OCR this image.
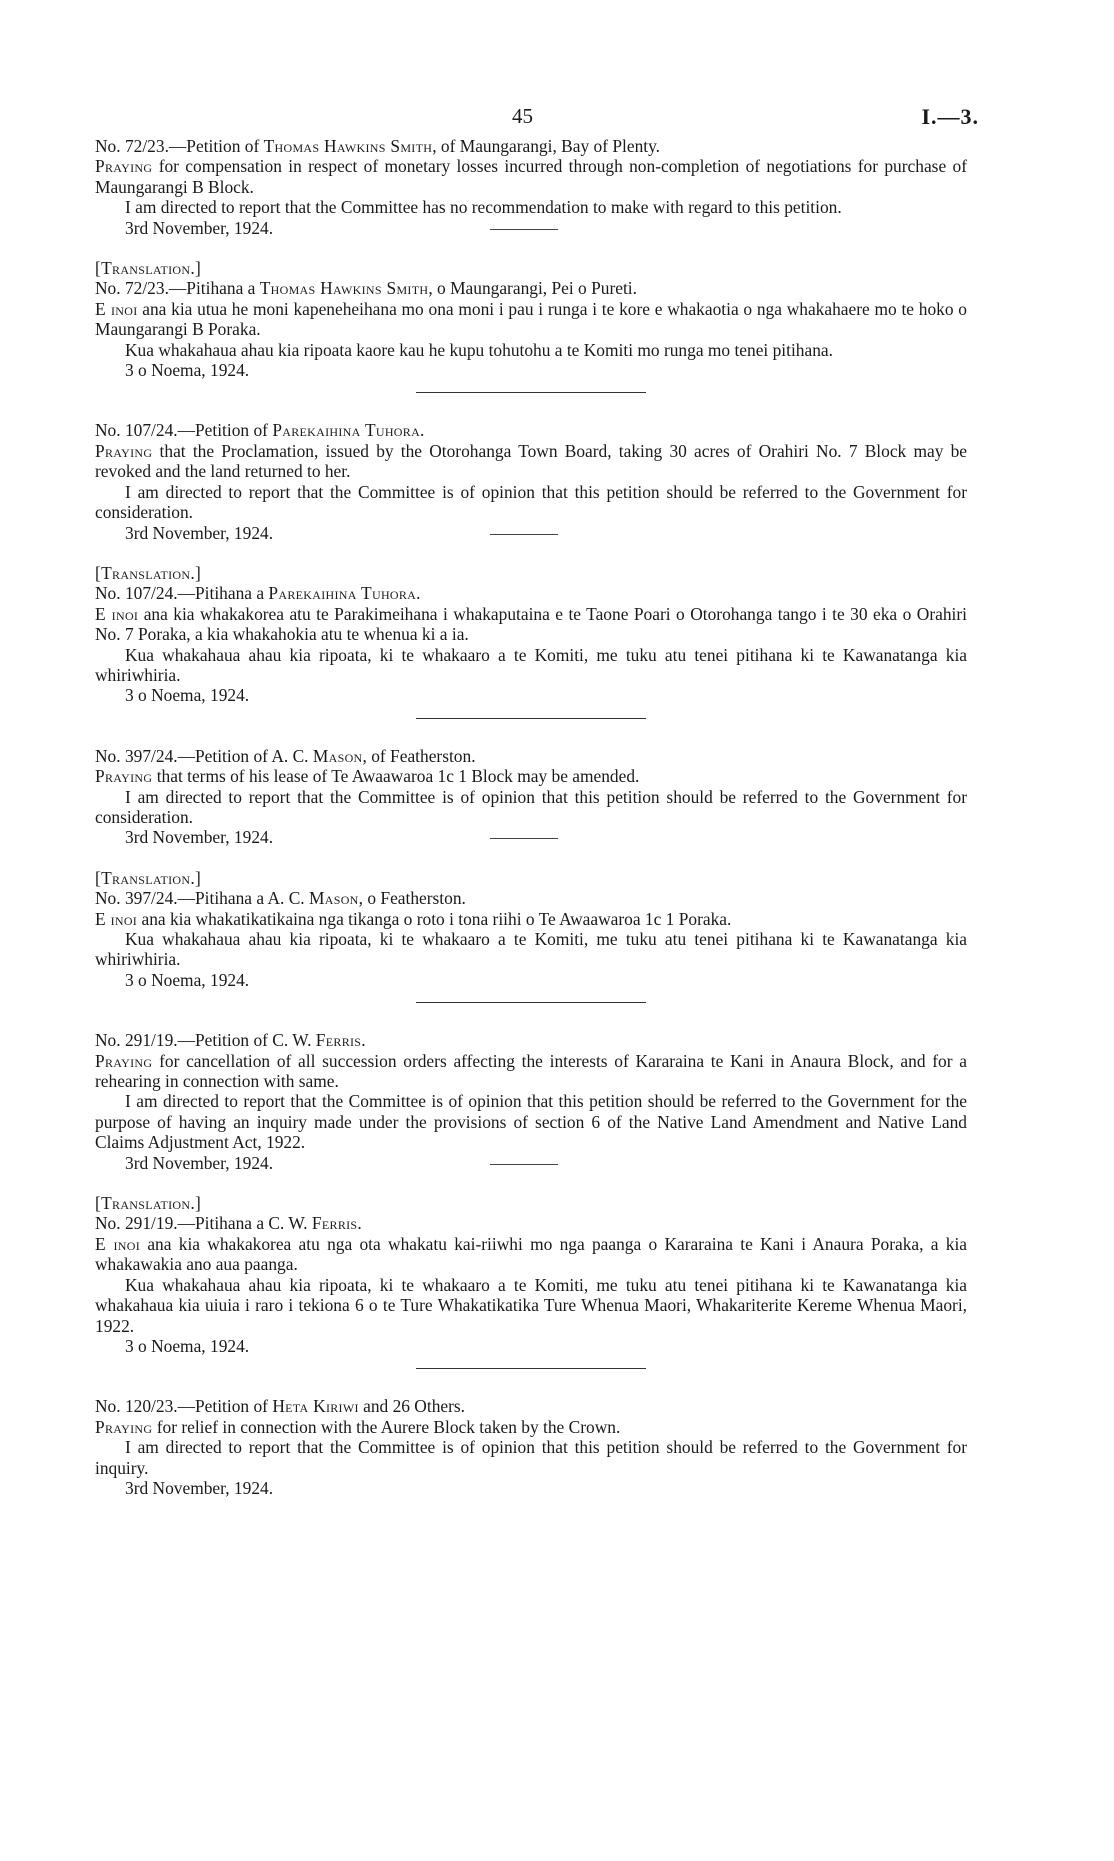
45	I.—3.

No. 72/23.—Petition of Thomas Hawkins Smith, of Maungarangi, Bay of Plenty.

Praying for compensation in respect of monetary losses incurred through non-completion of negotiations for purchase of Maungarangi B Block.

I am directed to report that the Committee has no recommendation to make with regard to this petition.

3rd November, 1924.

[Translation.]

No. 72/23.—Pitihana a Thomas Hawkins Smith, o Maungarangi, Pei o Pureti.

E inoi ana kia utua he moni kapeneheihana mo ona moni i pau i runga i te kore e whakaotia o nga whakahaere mo te hoko o Maungarangi B Poraka.

Kua whakahaua ahau kia ripoata kaore kau he kupu tohutohu a te Komiti mo runga mo tenei pitihana.

3 o Noema, 1924.

No. 107/24.—Petition of Parekaihina Tuhora.

Praying that the Proclamation, issued by the Otorohanga Town Board, taking 30 acres of Orahiri No. 7 Block may be revoked and the land returned to her.

I am directed to report that the Committee is of opinion that this petition should be referred to the Government for consideration.

3rd November, 1924.

[Translation.]

No. 107/24.—Pitihana a Parekaihina Tuhora.

E inoi ana kia whakakorea atu te Parakimeihana i whakaputaina e te Taone Poari o Otorohanga tango i te 30 eka o Orahiri No. 7 Poraka, a kia whakahokia atu te whenua ki a ia.

Kua whakahaua ahau kia ripoata, ki te whakaaro a te Komiti, me tuku atu tenei pitihana ki te Kawanatanga kia whiriwhiria.

3 o Noema, 1924.

No. 397/24.—Petition of A. C. Mason, of Featherston.

Praying that terms of his lease of Te Awaawaroa 1c 1 Block may be amended.

I am directed to report that the Committee is of opinion that this petition should be referred to the Government for consideration.

3rd November, 1924.

[Translation.]

No. 397/24.—Pitihana a A. C. Mason, o Featherston.

E inoi ana kia whakatikatikaina nga tikanga o roto i tona riihi o Te Awaawaroa 1c 1 Poraka.

Kua whakahaua ahau kia ripoata, ki te whakaaro a te Komiti, me tuku atu tenei pitihana ki te Kawanatanga kia whiriwhiria.

3 o Noema, 1924.

No. 291/19.—Petition of C. W. Ferris.

Praying for cancellation of all succession orders affecting the interests of Kararaina te Kani in Anaura Block, and for a rehearing in connection with same.

I am directed to report that the Committee is of opinion that this petition should be referred to the Government for the purpose of having an inquiry made under the provisions of section 6 of the Native Land Amendment and Native Land Claims Adjustment Act, 1922.

3rd November, 1924.

[Translation.]

No. 291/19.—Pitihana a C. W. Ferris.

E inoi ana kia whakakorea atu nga ota whakatu kai-riiwhi mo nga paanga o Kararaina te Kani i Anaura Poraka, a kia whakawakia ano aua paanga.

Kua whakahaua ahau kia ripoata, ki te whakaaro a te Komiti, me tuku atu tenei pitihana ki te Kawanatanga kia whakahaua kia uiuia i raro i tekiona 6 o te Ture Whakatikatika Ture Whenua Maori, Whakariterite Kereme Whenua Maori, 1922.

3 o Noema, 1924.

No. 120/23.—Petition of Heta Kiriwi and 26 Others.

Praying for relief in connection with the Aurere Block taken by the Crown.

I am directed to report that the Committee is of opinion that this petition should be referred to the Government for inquiry.

3rd November, 1924.
